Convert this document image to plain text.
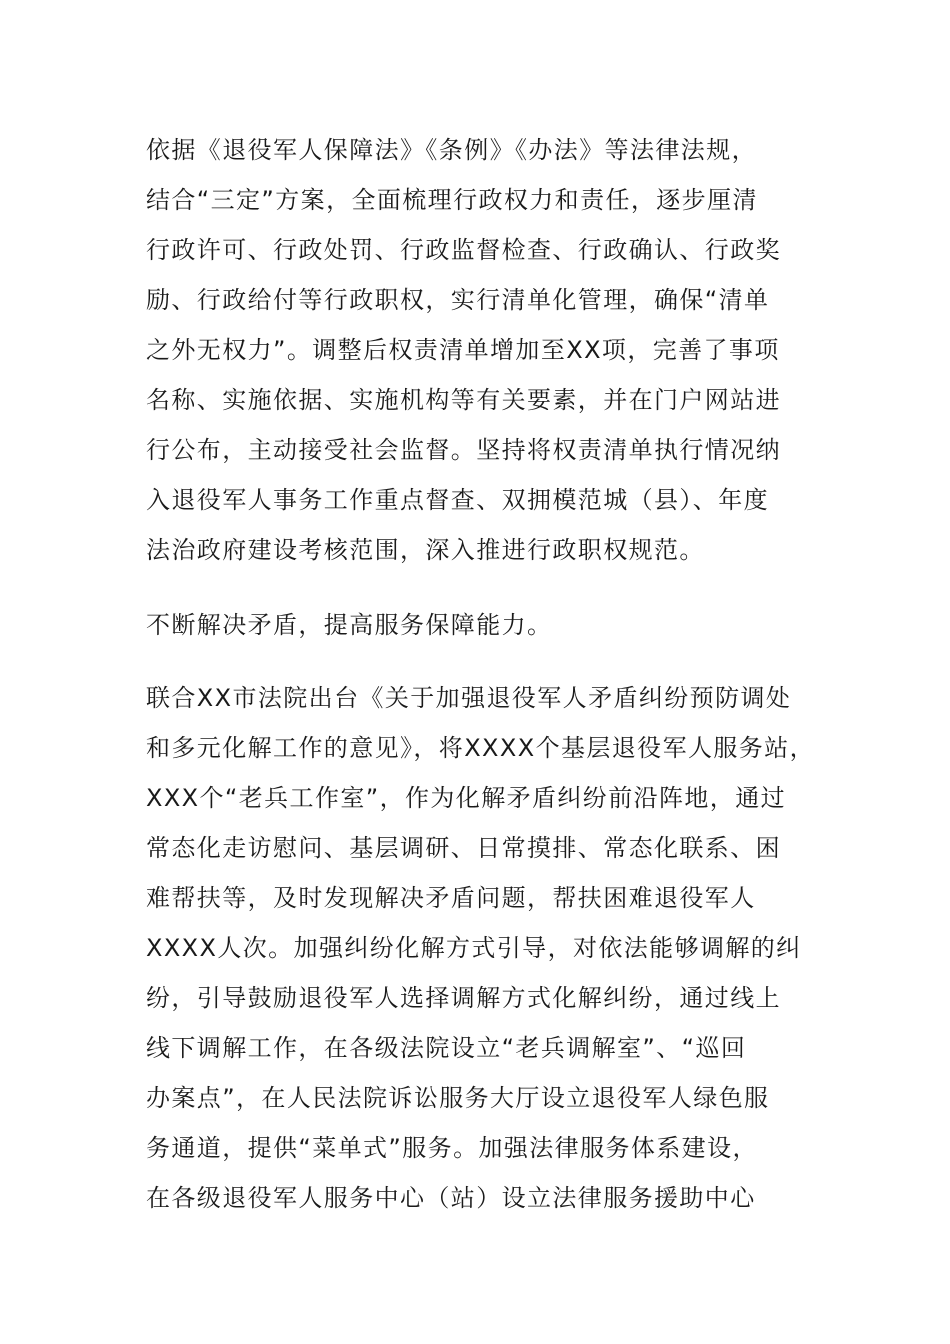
依据《退役军人保障法》《条例》《办法》等法律法规，
结合“三定”方案，全面梳理行政权力和责任，逐步厘清
行政许可、行政处罚、行政监督检查、行政确认、行政奖
励、行政给付等行政职权，实行清单化管理，确保“清单
之外无权力”。调整后权责清单增加至XX项，完善了事项
名称、实施依据、实施机构等有关要素，并在门户网站进
行公布，主动接受社会监督。坚持将权责清单执行情况纳
入退役军人事务工作重点督查、双拥模范城（县）、年度
法治政府建设考核范围，深入推进行政职权规范。
不断解决矛盾，提高服务保障能力。
联合XX市法院出台《关于加强退役军人矛盾纠纷预防调处
和多元化解工作的意见》，将XXXX个基层退役军人服务站，
XXX个“老兵工作室”，作为化解矛盾纠纷前沿阵地，通过
常态化走访慰问、基层调研、日常摸排、常态化联系、困
难帮扶等，及时发现解决矛盾问题，帮扶困难退役军人
XXXX人次。加强纠纷化解方式引导，对依法能够调解的纠
纷，引导鼓励退役军人选择调解方式化解纠纷，通过线上
线下调解工作，在各级法院设立“老兵调解室”、“巡回
办案点”，在人民法院诉讼服务大厅设立退役军人绿色服
务通道，提供“菜单式”服务。加强法律服务体系建设，
在各级退役军人服务中心（站）设立法律服务援助中心
